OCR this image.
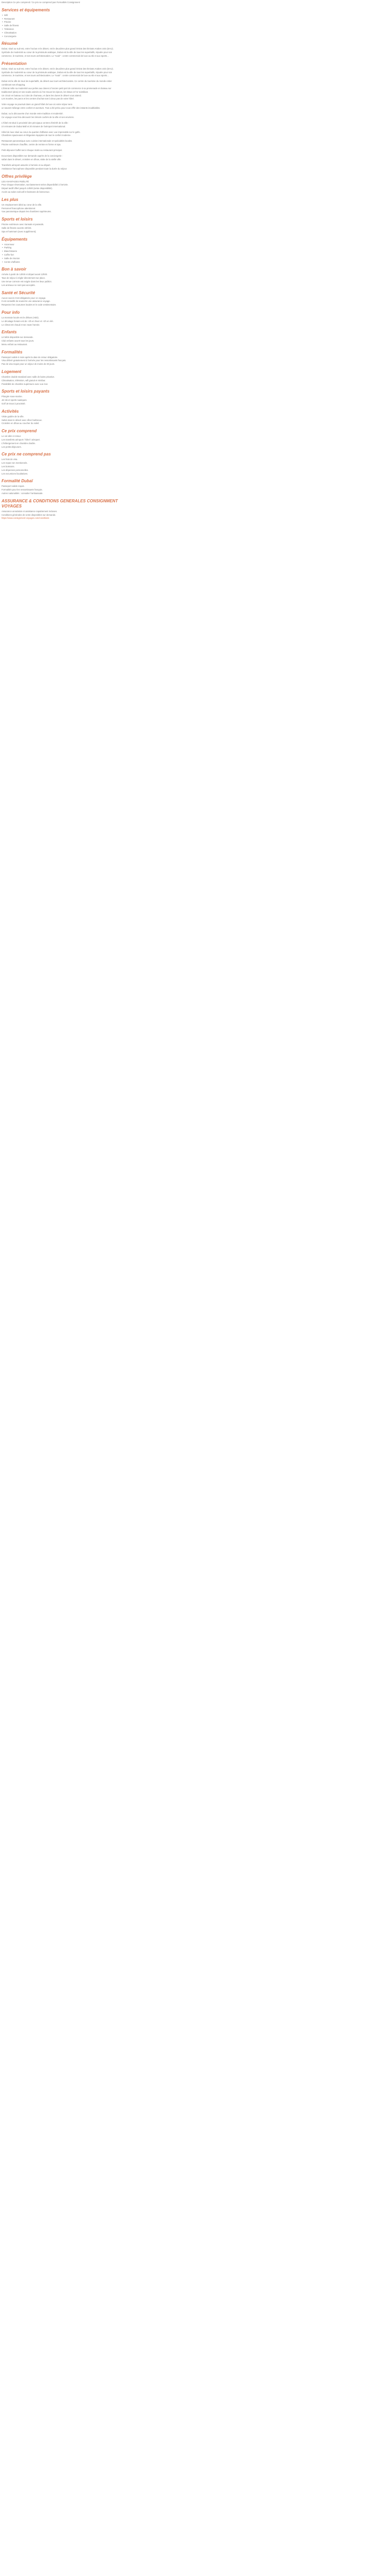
Description Ce prix comprend / Ce prix ne comprend pas Formalités Consignment
Services et équipements
• Wifi
• Restaurant
• Piscine
• Salle de fitness
• Télévision
• Climatisation
• Conciergerie
Résumé
Dubaï, situé au sud-est, entre l'océan et le désert, est le deuxième plus grand émirat des Émirats Arabes Unis (EAU).
Symbole de modernité au cœur de la péninsule arabique, Dubaï est la ville de tous les superlatifs, réputée pour son
commerce, le tourisme, et ses tours architecturales. Le "souk" : centre commercial de luxe au ski et aux sports...
Présentation
Dubaï, situé au sud-est, entre l'océan et le désert, est le deuxième plus grand émirat des Émirats Arabes Unis (EAU).
Symbole de modernité au cœur de la péninsule arabique, Dubaï est la ville de tous les superlatifs, réputée pour son
commerce, le tourisme, et ses tours architecturales. Le "souk" : centre commercial de luxe au ski et aux sports...
Dubaï est la ville de tous les superlatifs, du désert aux tours architecturales. Ce centre du tourisme du monde entier
combinant ses shopping.
L'Émirat mêle sa modernité aux perles aux dunes à l'ancien petit port de commerce à sa promenade en bateau sur
traditionnel (abra) et ses souks animés où l'on trouve les épices, les tissus et l'or scintillant.
Un circuit en bateau ou à dos de chameau, et dans les dunes le désert vous attend.
Les musées, les parcs et les centres d'achat sont à deux pas de votre hôtel.
Votre voyage se poursuit dans un grand hôtel de luxe où votre séjour sera
un savant mélange entre confort et aventure. Tout a été prévu pour vous offrir des instants inoubliables.
Dubaï, ou la découverte d'un monde entre tradition et modernité.
Ce voyage vous fera découvrir les trésors cachés de la ville et ses environs.
L'hôtel est situé à proximité des principaux centres d'intérêt de la ville :
à 5 minutes de Dubai Mall et 20 minutes de l'aéroport international.
Hôtel de luxe situé au cœur du quartier d'affaires avec vue imprenable sur le golfe.
Chambres spacieuses et élégantes équipées de tout le confort moderne.
Restaurant panoramique avec cuisine internationale et spécialités locales.
Piscine extérieure chauffée, centre de remise en forme et spa.
Petit-déjeuner buffet servi chaque matin au restaurant principal.
Excursions disponibles sur demande auprès de la conciergerie :
safari dans le désert, croisière en dhow, visite de la vieille ville.
Transferts aéroport assurés à l'arrivée et au départ.
Assistance francophone disponible pendant toute la durée du séjour.
Offres privilège
LES AVANTAGES FIDÈLITÉ
Pour chaque réservation, surclassement selon disponibilité à l'arrivée.
Départ tardif offert jusqu'à 14h00 (selon disponibilité).
Accès au salon exécutif et boissons de bienvenue.
Les plus
Un emplacement idéal au cœur de la ville.
Personnel francophone attentionné.
Vue panoramique depuis les chambres supérieures.
Sports et loisirs
Piscine extérieure avec transats et parasols.
Salle de fitness ouverte 24h/24.
Spa et hammam (avec supplément).
Équipements
• Ascenseur
• Parking
• Blanchisserie
• Coffre-fort
• Salle de réunion
• Centre d'affaires
Bon à savoir
Arrivée à partir de 14h00 et départ avant 12h00.
Taxe de séjour à régler directement sur place.
Une tenue correcte est exigée dans les lieux publics.
Les animaux ne sont pas acceptés.
Santé et Sécurité
Aucun vaccin n'est obligatoire pour ce voyage.
Il est conseillé de souscrire une assurance voyage.
Respectez les coutumes locales et le code vestimentaire.
Pour info
La monnaie locale est le dirham (AED).
Le décalage horaire est de +3h en hiver et +2h en été.
Le climat est chaud et sec toute l'année.
Enfants
Lit bébé disponible sur demande.
Club enfants ouvert tous les jours.
Menu enfant au restaurant.
Formalités
Passeport valide 6 mois après la date de retour obligatoire.
Visa délivré gratuitement à l'arrivée pour les ressortissants français.
Pas de visa requis pour un séjour de moins de 30 jours.
Logement
Chambre double standard avec salle de bains privative.
Climatisation, télévision, wifi gratuit et minibar.
Possibilité de chambre supérieure avec vue mer.
Sports et loisirs payants
Plongée sous-marine.
Jet ski et sports nautiques.
Golf 18 trous à proximité.
Activités
Visite guidée de la ville.
Safari dans le désert avec dîner barbecue.
Croisière en dhow au coucher du soleil.
Ce prix comprend
Le vol aller et retour.
Les transferts aéroport / hôtel / aéroport.
L'hébergement en chambre double.
Les petits-déjeuners.
Ce prix ne comprend pas
Les frais de visa.
Les repas non mentionnés.
Les boissons.
Les dépenses personnelles.
Les excursions facultatives.
Formalité Dubaï
Passeport valide requis.
Formalités pour les ressortissants français.
Autres nationalités : consulter l'ambassade.
ASSURANCE & CONDITIONS GENERALES CONSIGNMENT VOYAGES
Assurance annulation et assistance rapatriement incluses.
Conditions générales de vente disponibles sur demande.
https://www.consignment-voyages.com/conditions
